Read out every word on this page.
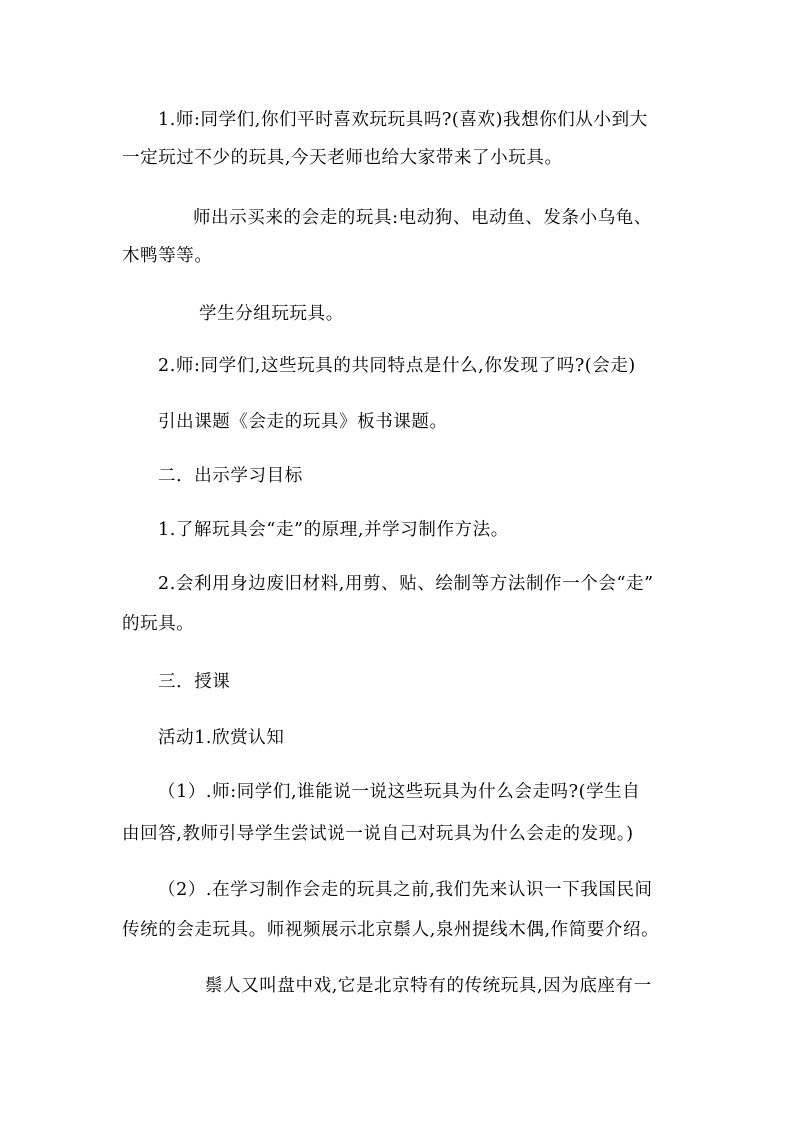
1.师:同学们,你们平时喜欢玩玩具吗?(喜欢)我想你们从小到大
一定玩过不少的玩具,今天老师也给大家带来了小玩具。
师出示买来的会走的玩具:电动狗、电动鱼、发条小乌龟、
木鸭等等。
学生分组玩玩具。
2.师:同学们,这些玩具的共同特点是什么,你发现了吗?(会走)
引出课题《会走的玩具》板书课题。
二．出示学习目标
1.了解玩具会“走”的原理,并学习制作方法。
2.会利用身边废旧材料,用剪、贴、绘制等方法制作一个会“走”
的玩具。
三．授课
活动1.欣赏认知
（1）.师:同学们,谁能说一说这些玩具为什么会走吗?(学生自
由回答,教师引导学生尝试说一说自己对玩具为什么会走的发现。)
（2）.在学习制作会走的玩具之前,我们先来认识一下我国民间
传统的会走玩具。师视频展示北京鬃人,泉州提线木偶,作简要介绍。
鬃人又叫盘中戏,它是北京特有的传统玩具,因为底座有一
